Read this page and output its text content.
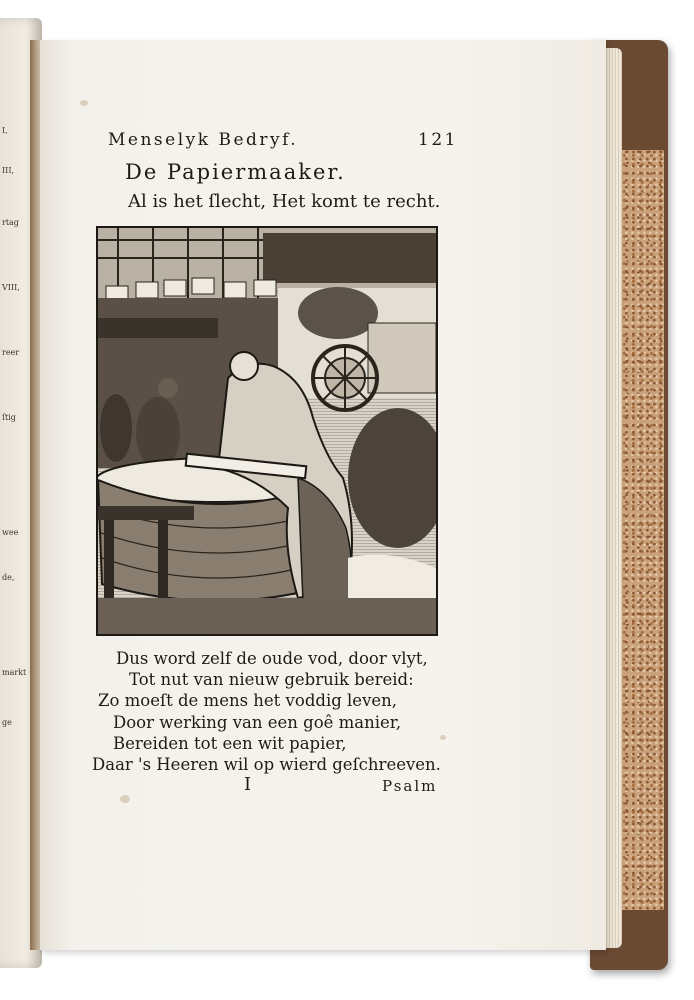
I,
III,
rtag
VIII,
reer
ſtig
wee
de,
markt
ge
Menselyk Bedryf.	121
De Papiermaaker.
Al is het ſlecht, Het komt te recht.
Dus word zelf de oude vod, door vlyt,
Tot nut van nieuw gebruik bereid:
Zo moeſt de mens het voddig leven,
Door werking van een goê manier,
Bereiden tot een wit papier,
Daar 's Heeren wil op wierd geſchreeven.
I	Psalm
